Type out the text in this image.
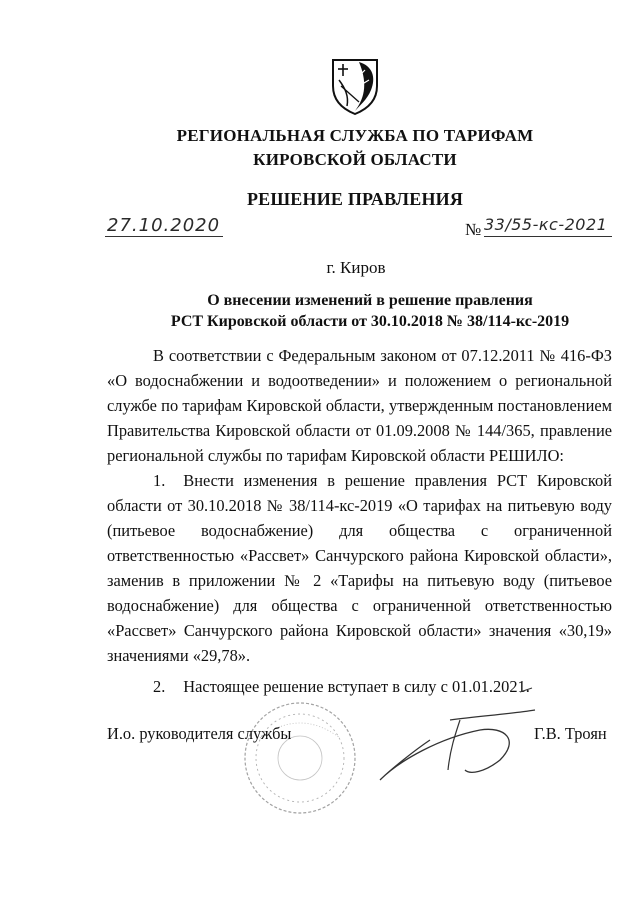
РЕГИОНАЛЬНАЯ СЛУЖБА ПО ТАРИФАМ
КИРОВСКОЙ ОБЛАСТИ
РЕШЕНИЕ ПРАВЛЕНИЯ
27.10.2020	№ 33/55-кс-2021
г. Киров
О внесении изменений в решение правления
РСТ Кировской области от 30.10.2018 № 38/114-кс-2019

В соответствии с Федеральным законом от 07.12.2011 № 416-ФЗ «О водоснабжении и водоотведении» и положением о региональной службе по тарифам Кировской области, утвержденным постановлением Правительства Кировской области от 01.09.2008 № 144/365, правление региональной службы по тарифам Кировской области РЕШИЛО:

1. Внести изменения в решение правления РСТ Кировской области от 30.10.2018 № 38/114-кс-2019 «О тарифах на питьевую воду (питьевое водоснабжение) для общества с ограниченной ответственностью «Рассвет» Санчурского района Кировской области», заменив в приложении № 2 «Тарифы на питьевую воду (питьевое водоснабжение) для общества с ограниченной ответственностью «Рассвет» Санчурского района Кировской области» значения «30,19» значениями «29,78».

2. Настоящее решение вступает в силу с 01.01.2021.

И.о. руководителя службы	Г.В. Троян
